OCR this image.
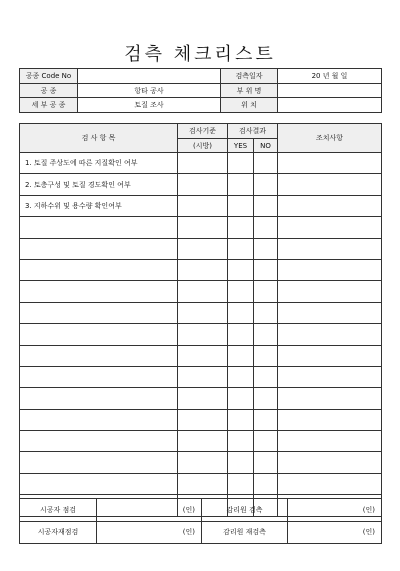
검측 체크리스트
공종 Code No		검측일자	20 년 월 일
공 종	항타 공사	부 위 명	
세 부 공 종	토질 조사	위 치	
검 사 항 목	검사기준	검사결과		조치사항
	(시방)	YES	NO	
1. 토질 주상도에 따른 지질확인 여부				
2. 토층구성 및 토질 경도확인 여부				
3. 지하수위 및 용수량 확인여부				

시공자 점검	(인)	감리원 검측	(인)
시공자재점검	(인)	감리원 재검측	(인)
